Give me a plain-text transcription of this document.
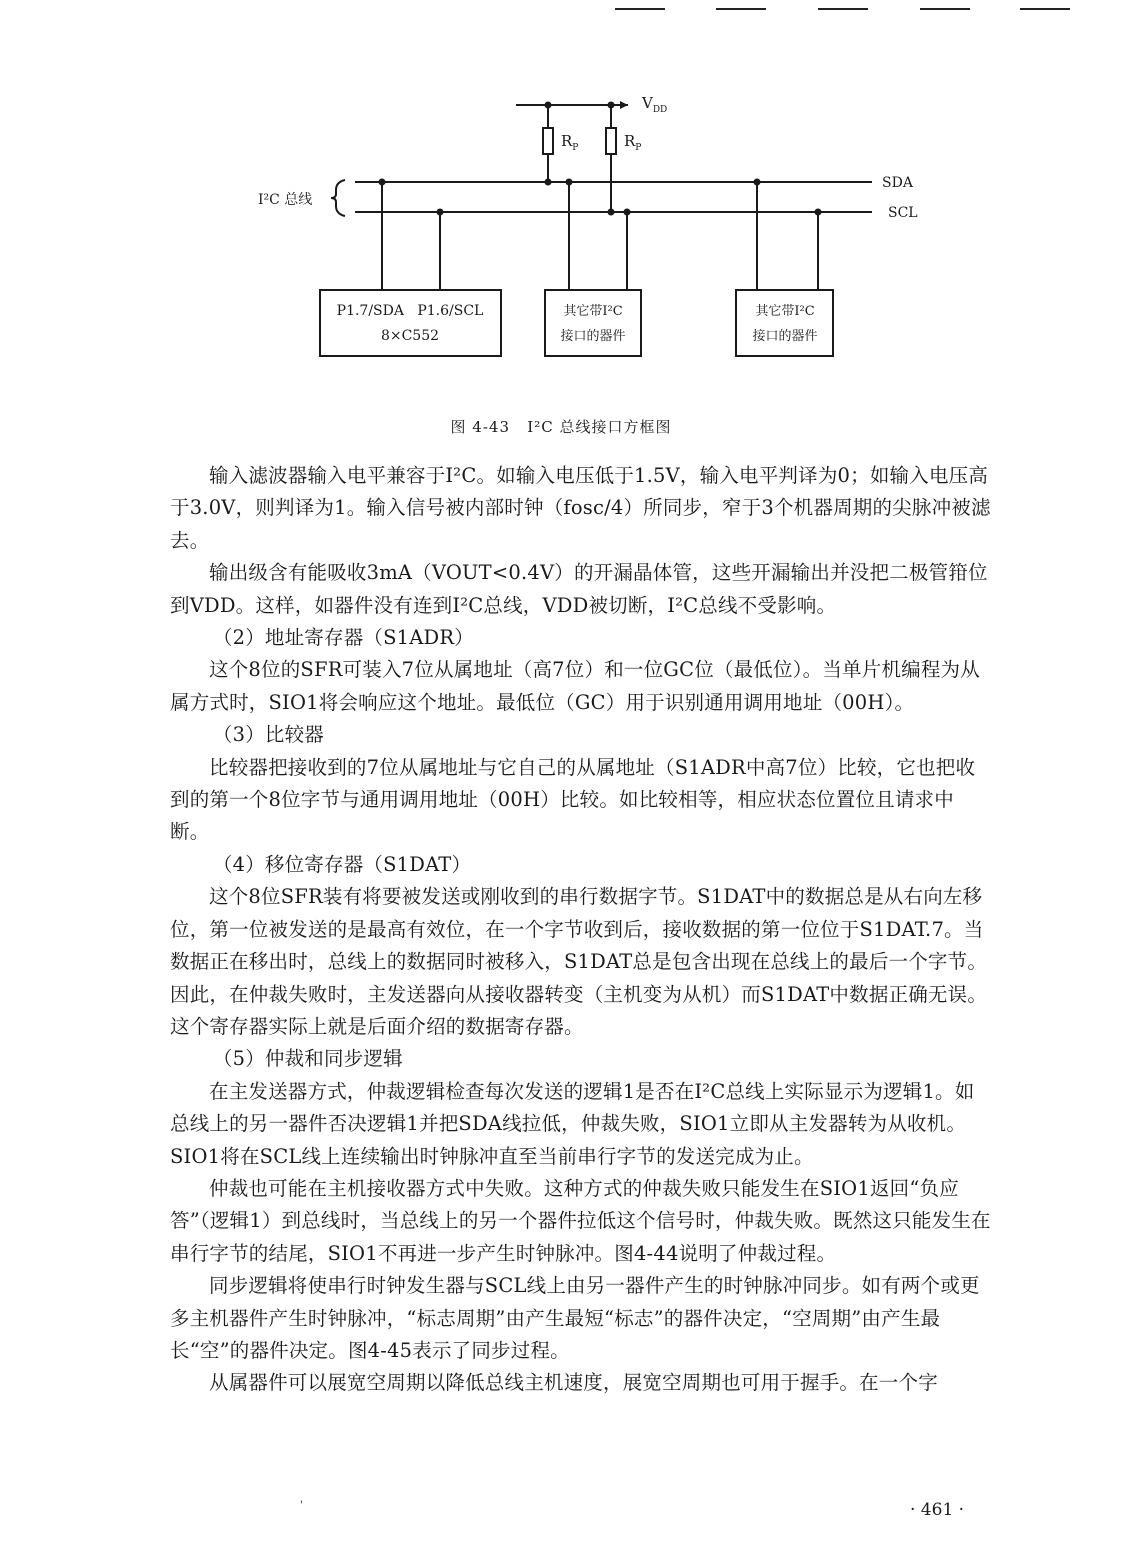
$V_{DD}$
$R_P$	$R_P$
SDA
SCL
I²C 总线
P1.7/SDA   P1.6/SCL
8×C552
其它带I²C
接口的器件
其它带I²C
接口的器件
图 4-43   I²C 总线接口方框图

输入滤波器输入电平兼容于I²C。如输入电压低于1.5V，输入电平判译为0；如输入电压高于3.0V，则判译为1。输入信号被内部时钟（fosc/4）所同步，窄于3个机器周期的尖脉冲被滤去。

输出级含有能吸收3mA（VOUT<0.4V）的开漏晶体管，这些开漏输出并没把二极管箝位到VDD。这样，如器件没有连到I²C总线，VDD被切断，I²C总线不受影响。

（2）地址寄存器（S1ADR）

这个8位的SFR可装入7位从属地址（高7位）和一位GC位（最低位）。当单片机编程为从属方式时，SIO1将会响应这个地址。最低位（GC）用于识别通用调用地址（00H）。

（3）比较器

比较器把接收到的7位从属地址与它自己的从属地址（S1ADR中高7位）比较，它也把收到的第一个8位字节与通用调用地址（00H）比较。如比较相等，相应状态位置位且请求中断。

（4）移位寄存器（S1DAT）

这个8位SFR装有将要被发送或刚收到的串行数据字节。S1DAT中的数据总是从右向左移位，第一位被发送的是最高有效位，在一个字节收到后，接收数据的第一位位于S1DAT.7。当数据正在移出时，总线上的数据同时被移入，S1DAT总是包含出现在总线上的最后一个字节。因此，在仲裁失败时，主发送器向从接收器转变（主机变为从机）而S1DAT中数据正确无误。这个寄存器实际上就是后面介绍的数据寄存器。

（5）仲裁和同步逻辑

在主发送器方式，仲裁逻辑检查每次发送的逻辑1是否在I²C总线上实际显示为逻辑1。如总线上的另一器件否决逻辑1并把SDA线拉低，仲裁失败，SIO1立即从主发器转为从收机。SIO1将在SCL线上连续输出时钟脉冲直至当前串行字节的发送完成为止。

仲裁也可能在主机接收器方式中失败。这种方式的仲裁失败只能发生在SIO1返回“负应答”（逻辑1）到总线时，当总线上的另一个器件拉低这个信号时，仲裁失败。既然这只能发生在串行字节的结尾，SIO1不再进一步产生时钟脉冲。图4-44说明了仲裁过程。

同步逻辑将使串行时钟发生器与SCL线上由另一器件产生的时钟脉冲同步。如有两个或更多主机器件产生时钟脉冲，“标志周期”由产生最短“标志”的器件决定，“空周期”由产生最长“空”的器件决定。图4-45表示了同步过程。

从属器件可以展宽空周期以降低总线主机速度，展宽空周期也可用于握手。在一个字

'	· 461 ·
